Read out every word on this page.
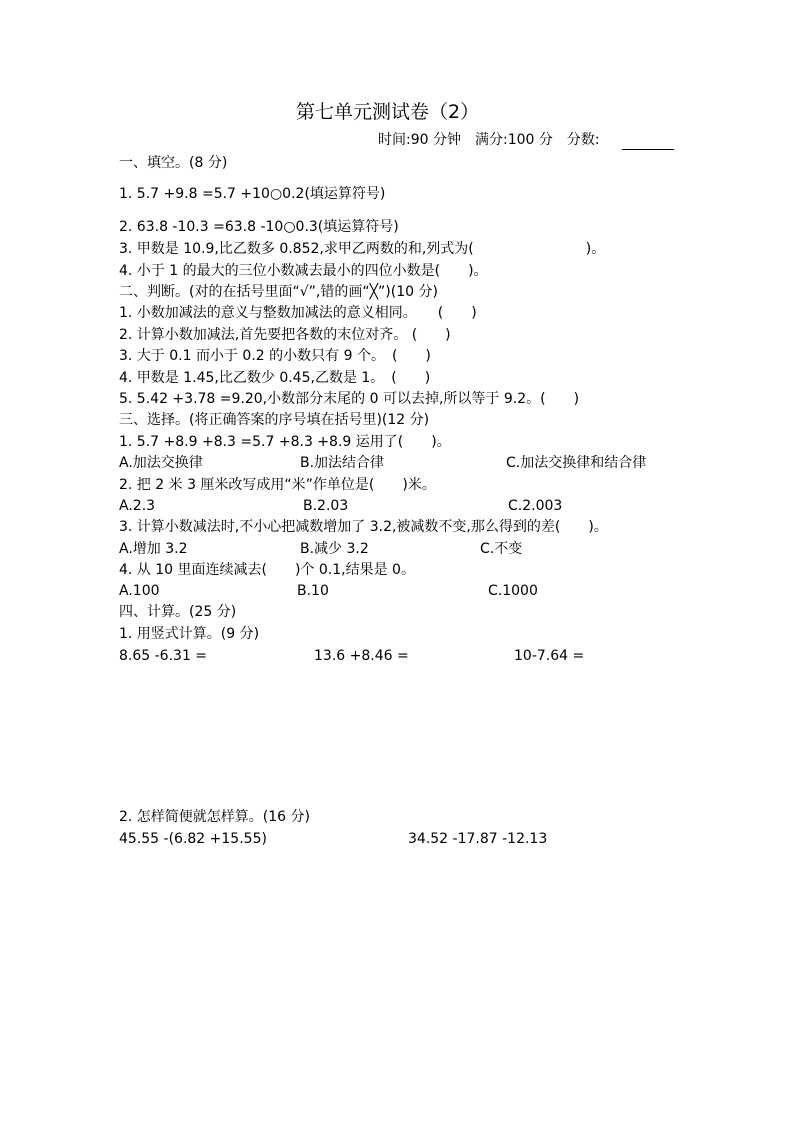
第七单元测试卷（2）
时间:90 分钟　满分:100 分　分数:
一、填空。(8 分)
1. 5.7 +9.8 =5.7 +10○0.2(填运算符号)
2. 63.8 -10.3 =63.8 -10○0.3(填运算符号)
3. 甲数是 10.9,比乙数多 0.852,求甲乙两数的和,列式为(　　　　　　　　)。
4. 小于 1 的最大的三位小数减去最小的四位小数是(　　)。
二、判断。(对的在括号里面“√”,错的画“╳”)(10 分)
1. 小数加减法的意义与整数加减法的意义相同。　　(　　)
2. 计算小数加减法,首先要把各数的末位对齐。 (　　)
3. 大于 0.1 而小于 0.2 的小数只有 9 个。　(　　)
4. 甲数是 1.45,比乙数少 0.45,乙数是 1。　(　　)
5. 5.42 +3.78 =9.20,小数部分末尾的 0 可以去掉,所以等于 9.2。(　　)
三、选择。(将正确答案的序号填在括号里)(12 分)
1. 5.7 +8.9 +8.3 =5.7 +8.3 +8.9 运用了(　　)。
A.加法交换律	B.加法结合律	C.加法交换律和结合律
2. 把 2 米 3 厘米改写成用“米”作单位是(　　)米。
A.2.3	B.2.03	C.2.003
3. 计算小数减法时,不小心把减数增加了 3.2,被减数不变,那么得到的差(　　)。
A.增加 3.2	B.减少 3.2	C.不变
4. 从 10 里面连续减去(　　)个 0.1,结果是 0。
A.100	B.10	C.1000
四、计算。(25 分)
1. 用竖式计算。(9 分)
8.65 -6.31 =	13.6 +8.46 =	10-7.64 =
2. 怎样简便就怎样算。(16 分)
45.55 -(6.82 +15.55)	34.52 -17.87 -12.13
